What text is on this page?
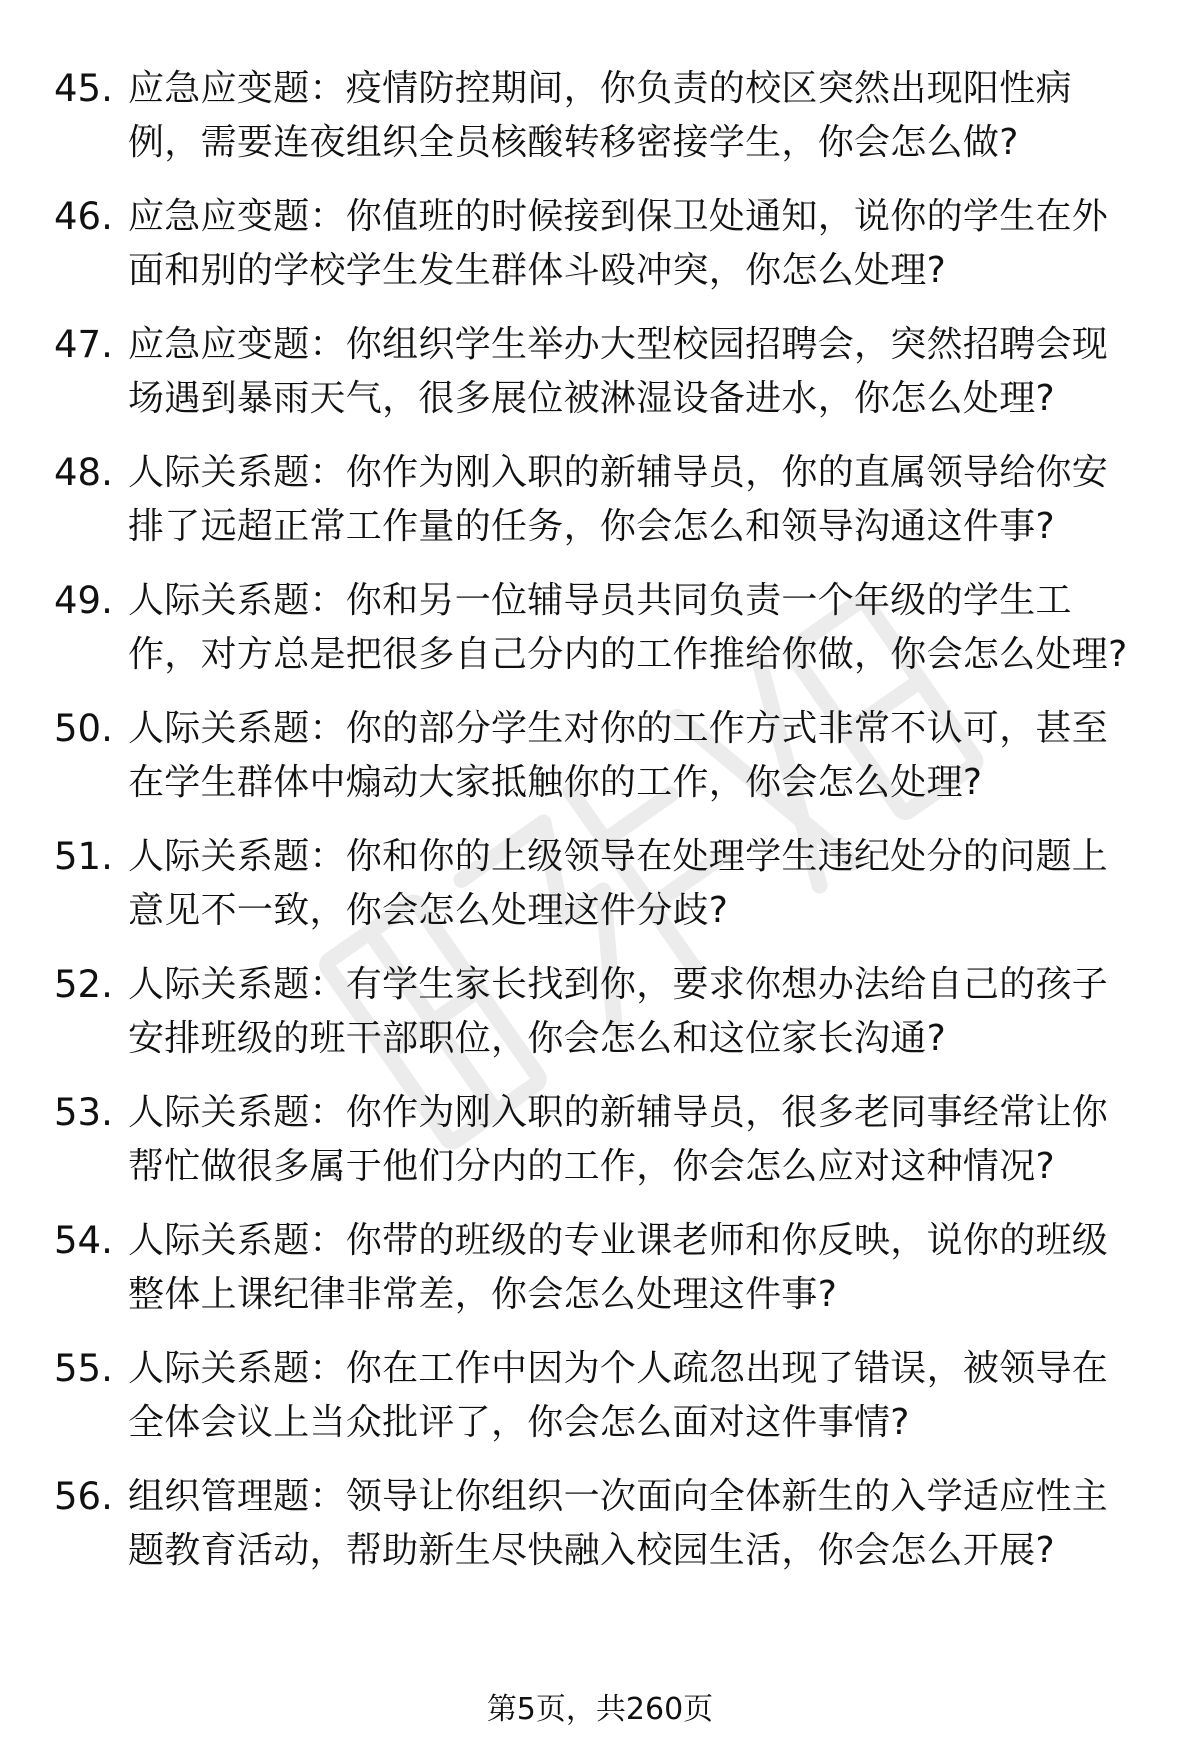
45. 应急应变题：疫情防控期间，你负责的校区突然出现阳性病例，需要连夜组织全员核酸转移密接学生，你会怎么做?
46. 应急应变题：你值班的时候接到保卫处通知，说你的学生在外面和别的学校学生发生群体斗殴冲突，你怎么处理?
47. 应急应变题：你组织学生举办大型校园招聘会，突然招聘会现场遇到暴雨天气，很多展位被淋湿设备进水，你怎么处理?
48. 人际关系题：你作为刚入职的新辅导员，你的直属领导给你安排了远超正常工作量的任务，你会怎么和领导沟通这件事?
49. 人际关系题：你和另一位辅导员共同负责一个年级的学生工作，对方总是把很多自己分内的工作推给你做，你会怎么处理?
50. 人际关系题：你的部分学生对你的工作方式非常不认可，甚至在学生群体中煽动大家抵触你的工作，你会怎么处理?
51. 人际关系题：你和你的上级领导在处理学生违纪处分的问题上意见不一致，你会怎么处理这件分歧?
52. 人际关系题：有学生家长找到你，要求你想办法给自己的孩子安排班级的班干部职位，你会怎么和这位家长沟通?
53. 人际关系题：你作为刚入职的新辅导员，很多老同事经常让你帮忙做很多属于他们分内的工作，你会怎么应对这种情况?
54. 人际关系题：你带的班级的专业课老师和你反映，说你的班级整体上课纪律非常差，你会怎么处理这件事?
55. 人际关系题：你在工作中因为个人疏忽出现了错误，被领导在全体会议上当众批评了，你会怎么面对这件事情?
56. 组织管理题：领导让你组织一次面向全体新生的入学适应性主题教育活动，帮助新生尽快融入校园生活，你会怎么开展?
第5页，共260页
